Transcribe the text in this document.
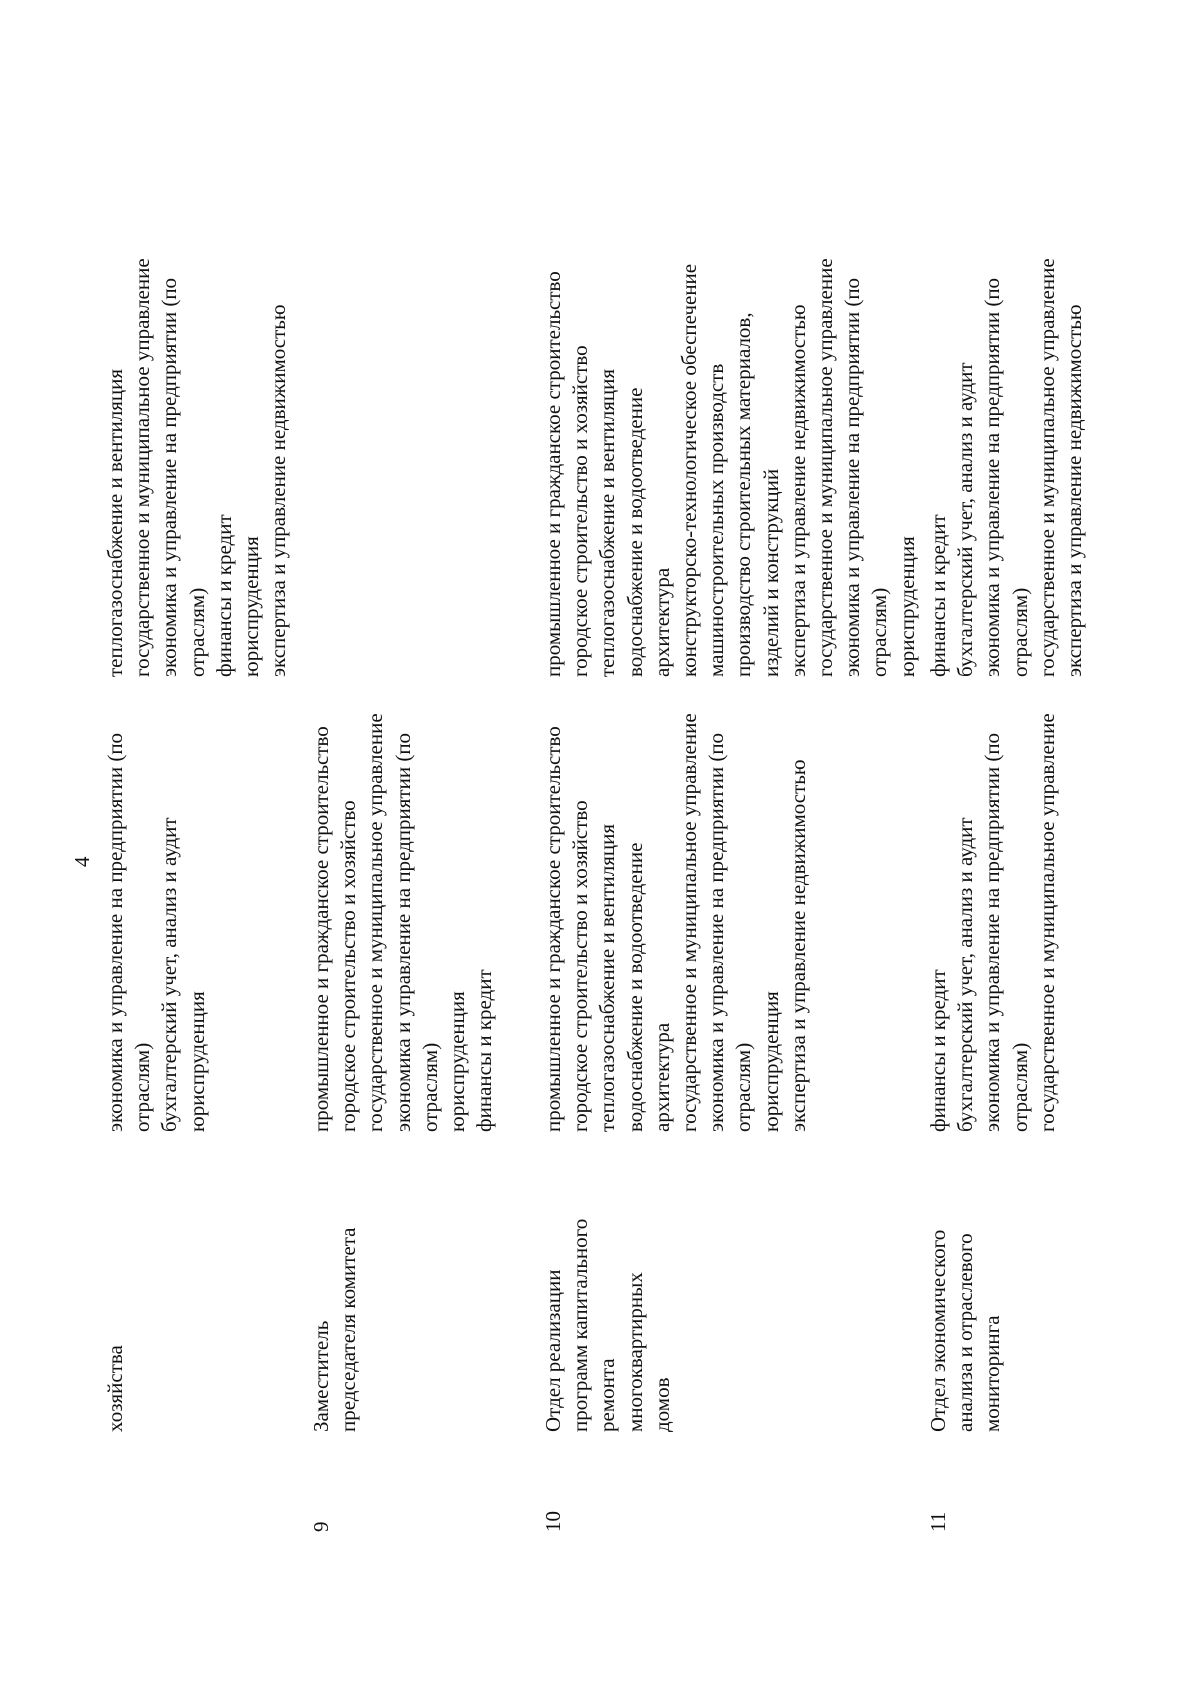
4
хозяйства
экономика и управление на предприятии (по отраслям) бухгалтерский учет, анализ и аудит юриспруденция
теплогазоснабжение и вентиляция государственное и муниципальное управление экономика и управление на предприятии (по отраслям) финансы и кредит юриспруденция экспертиза и управление недвижимостью
9
Заместитель председателя комитета
промышленное и гражданское строительство городское строительство и хозяйство государственное и муниципальное управление экономика и управление на предприятии (по отраслям) юриспруденция финансы и кредит
10
Отдел реализации программ капитального ремонта многоквартирных домов
промышленное и гражданское строительство городское строительство и хозяйство теплогазоснабжение и вентиляция водоснабжение и водоотведение архитектура государственное и муниципальное управление экономика и управление на предприятии (по отраслям) юриспруденция экспертиза и управление недвижимостью
промышленное и гражданское строительство городское строительство и хозяйство теплогазоснабжение и вентиляция водоснабжение и водоотведение архитектура конструкторско-технологическое обеспечение машиностроительных производств производство строительных материалов, изделий и конструкций экспертиза и управление недвижимостью государственное и муниципальное управление экономика и управление на предприятии (по отраслям) юриспруденция
11
Отдел экономического анализа и отраслевого мониторинга
финансы и кредит бухгалтерский учет, анализ и аудит экономика и управление на предприятии (по отраслям) государственное и муниципальное управление
финансы и кредит бухгалтерский учет, анализ и аудит экономика и управление на предприятии (по отраслям) государственное и муниципальное управление экспертиза и управление недвижимостью
